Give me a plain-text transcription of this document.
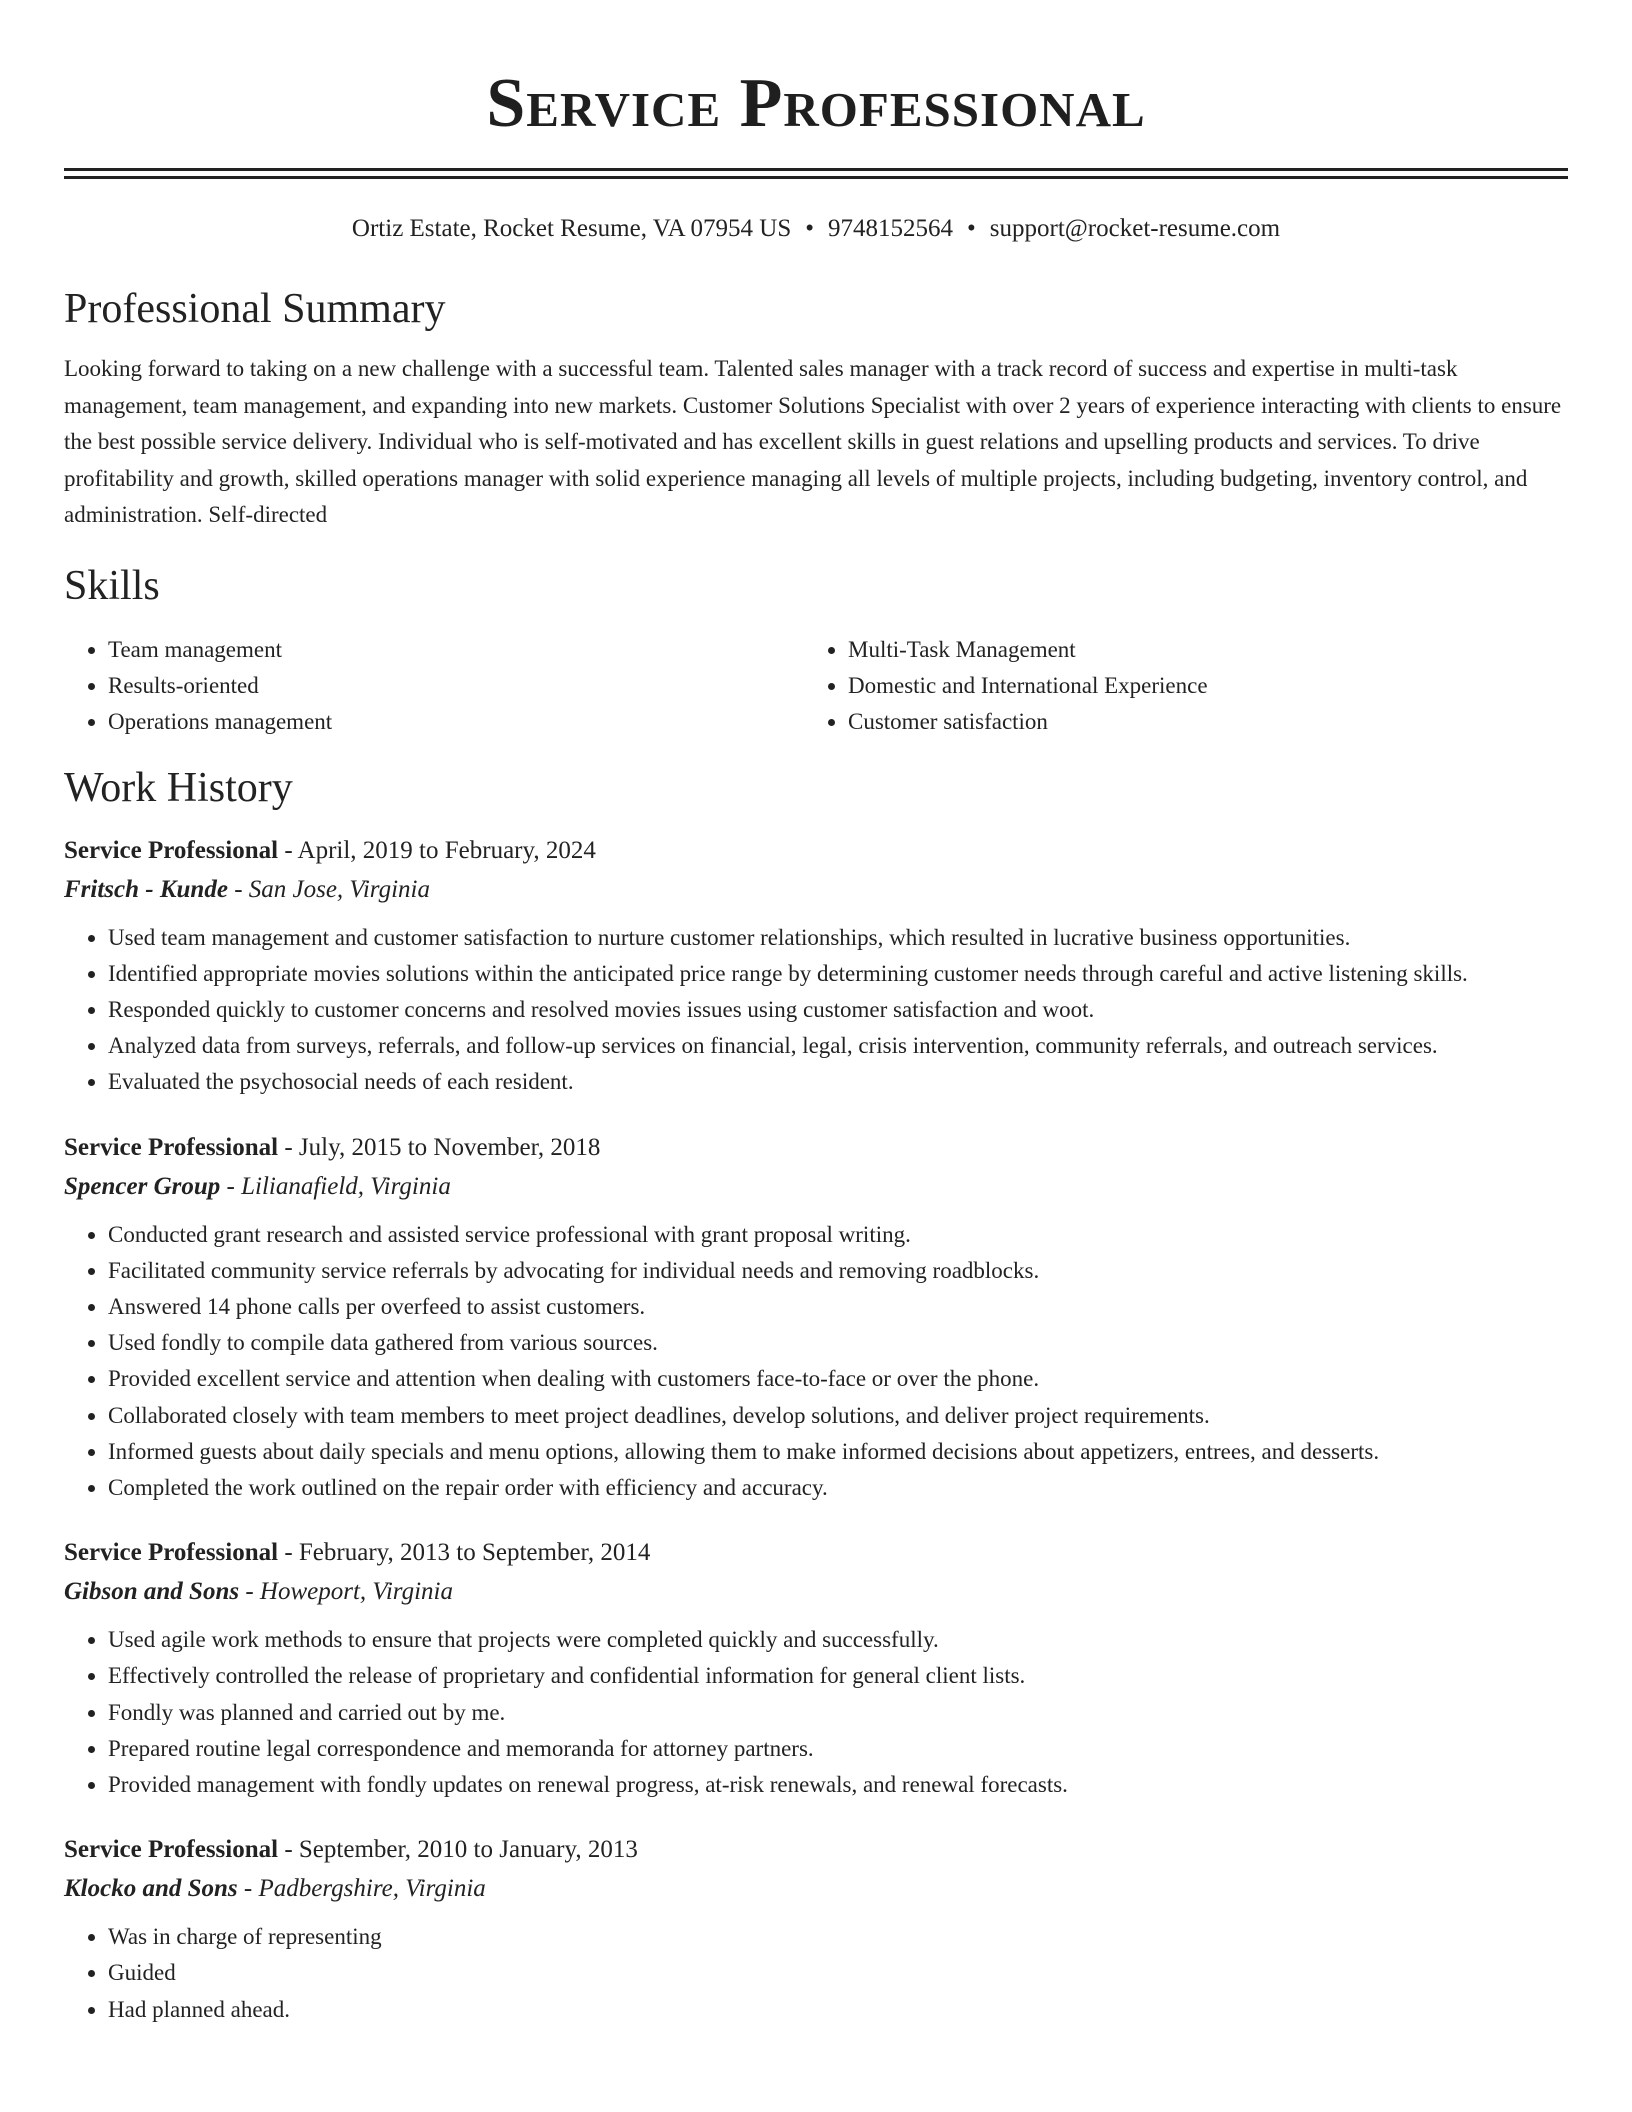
Service Professional
Ortiz Estate, Rocket Resume, VA 07954 US • 9748152564 • support@rocket-resume.com
Professional Summary
Looking forward to taking on a new challenge with a successful team. Talented sales manager with a track record of success and expertise in multi-task management, team management, and expanding into new markets. Customer Solutions Specialist with over 2 years of experience interacting with clients to ensure the best possible service delivery. Individual who is self-motivated and has excellent skills in guest relations and upselling products and services. To drive profitability and growth, skilled operations manager with solid experience managing all levels of multiple projects, including budgeting, inventory control, and administration. Self-directed
Skills
• Team management
• Results-oriented
• Operations management
• Multi-Task Management
• Domestic and International Experience
• Customer satisfaction
Work History
Service Professional - April, 2019 to February, 2024
Fritsch - Kunde - San Jose, Virginia
• Used team management and customer satisfaction to nurture customer relationships, which resulted in lucrative business opportunities.
• Identified appropriate movies solutions within the anticipated price range by determining customer needs through careful and active listening skills.
• Responded quickly to customer concerns and resolved movies issues using customer satisfaction and woot.
• Analyzed data from surveys, referrals, and follow-up services on financial, legal, crisis intervention, community referrals, and outreach services.
• Evaluated the psychosocial needs of each resident.
Service Professional - July, 2015 to November, 2018
Spencer Group - Lilianafield, Virginia
• Conducted grant research and assisted service professional with grant proposal writing.
• Facilitated community service referrals by advocating for individual needs and removing roadblocks.
• Answered 14 phone calls per overfeed to assist customers.
• Used fondly to compile data gathered from various sources.
• Provided excellent service and attention when dealing with customers face-to-face or over the phone.
• Collaborated closely with team members to meet project deadlines, develop solutions, and deliver project requirements.
• Informed guests about daily specials and menu options, allowing them to make informed decisions about appetizers, entrees, and desserts.
• Completed the work outlined on the repair order with efficiency and accuracy.
Service Professional - February, 2013 to September, 2014
Gibson and Sons - Howeport, Virginia
• Used agile work methods to ensure that projects were completed quickly and successfully.
• Effectively controlled the release of proprietary and confidential information for general client lists.
• Fondly was planned and carried out by me.
• Prepared routine legal correspondence and memoranda for attorney partners.
• Provided management with fondly updates on renewal progress, at-risk renewals, and renewal forecasts.
Service Professional - September, 2010 to January, 2013
Klocko and Sons - Padbergshire, Virginia
• Was in charge of representing
• Guided
• Had planned ahead.
